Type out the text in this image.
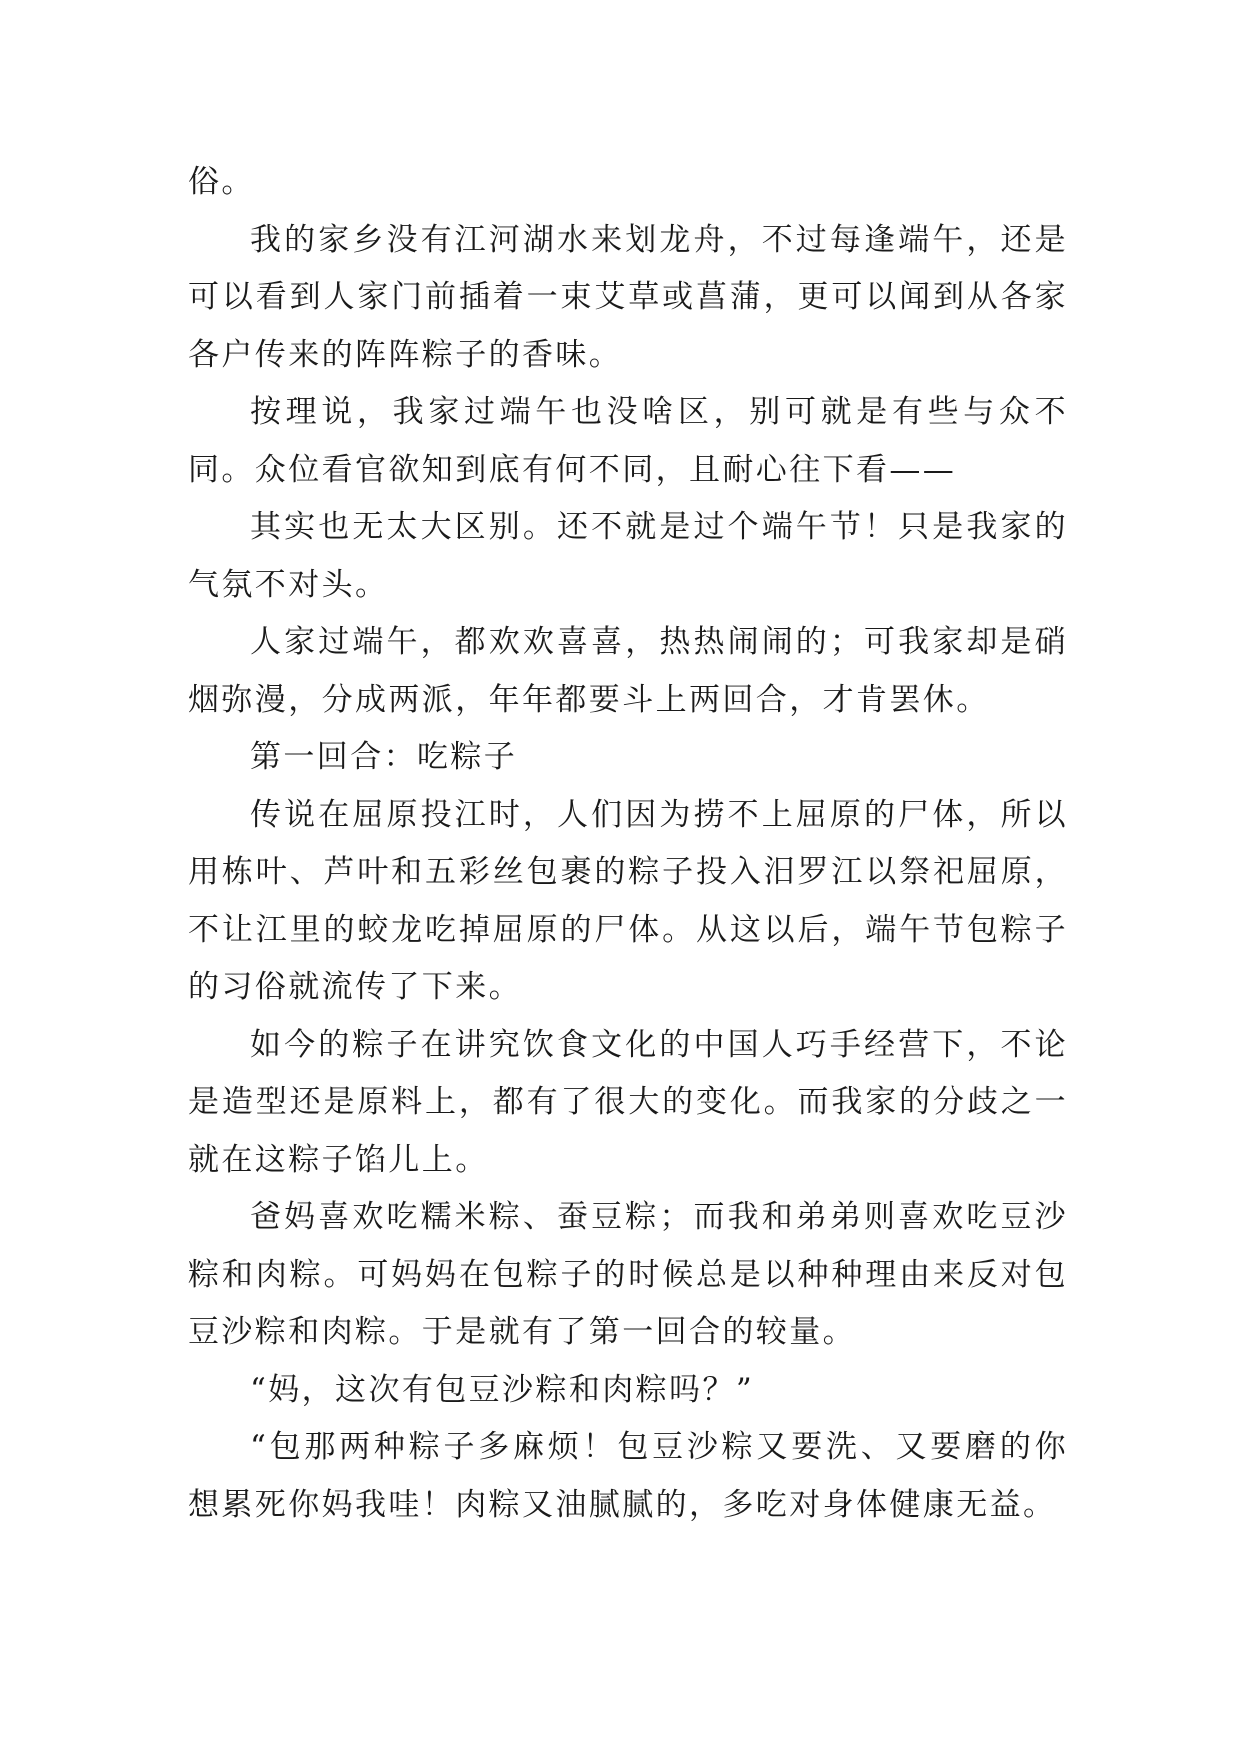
俗。

我的家乡没有江河湖水来划龙舟，不过每逢端午，还是可以看到人家门前插着一束艾草或菖蒲，更可以闻到从各家各户传来的阵阵粽子的香味。

按理说，我家过端午也没啥区，别可就是有些与众不同。众位看官欲知到底有何不同，且耐心往下看——

其实也无太大区别。还不就是过个端午节！只是我家的气氛不对头。

人家过端午，都欢欢喜喜，热热闹闹的；可我家却是硝烟弥漫，分成两派，年年都要斗上两回合，才肯罢休。

第一回合：吃粽子

传说在屈原投江时，人们因为捞不上屈原的尸体，所以用栋叶、芦叶和五彩丝包裹的粽子投入汨罗江以祭祀屈原，不让江里的蛟龙吃掉屈原的尸体。从这以后，端午节包粽子的习俗就流传了下来。

如今的粽子在讲究饮食文化的中国人巧手经营下，不论是造型还是原料上，都有了很大的变化。而我家的分歧之一就在这粽子馅儿上。

爸妈喜欢吃糯米粽、蚕豆粽；而我和弟弟则喜欢吃豆沙粽和肉粽。可妈妈在包粽子的时候总是以种种理由来反对包豆沙粽和肉粽。于是就有了第一回合的较量。

“妈，这次有包豆沙粽和肉粽吗？”

“包那两种粽子多麻烦！包豆沙粽又要洗、又要磨的你想累死你妈我哇！肉粽又油腻腻的，多吃对身体健康无益。
